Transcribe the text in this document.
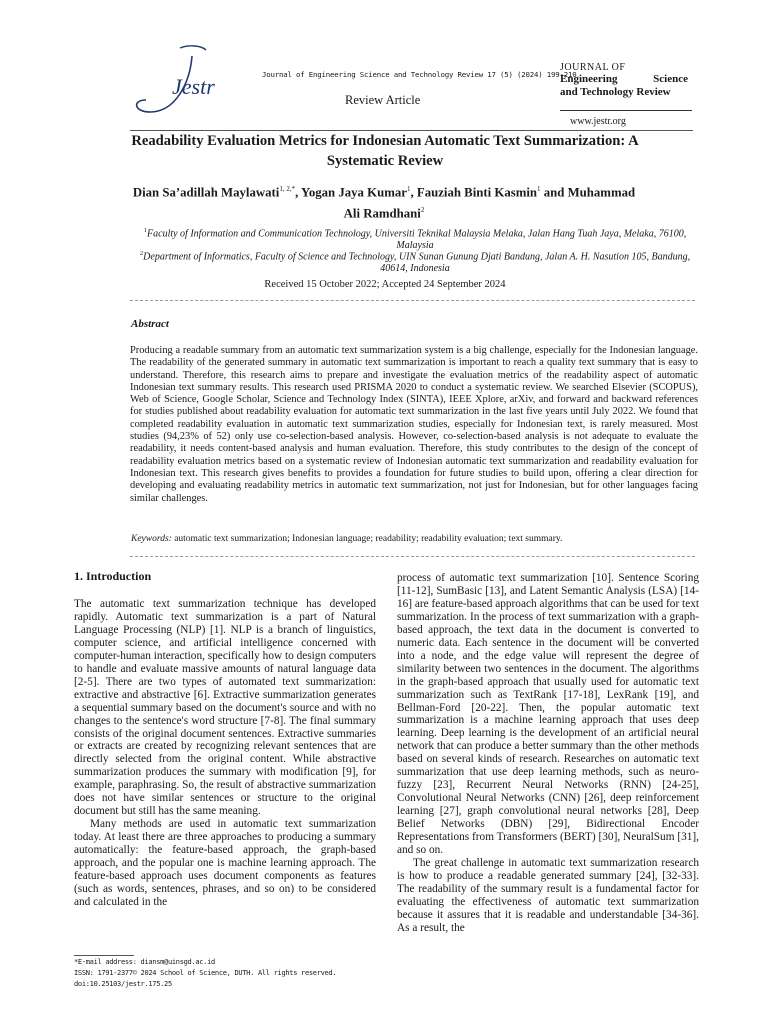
Jestr	Journal of Engineering Science and Technology Review 17 (5) (2024) 199-210
Review Article
JOURNAL OF
Engineering Science
and Technology Review
www.jestr.org
Readability Evaluation Metrics for Indonesian Automatic Text Summarization: A Systematic Review
Dian Sa’adillah Maylawati$^{1, 2,*}$, Yogan Jaya Kumar$^1$, Fauziah Binti Kasmin$^1$ and Muhammad Ali Ramdhani$^2$
$^1$Faculty of Information and Communication Technology, Universiti Teknikal Malaysia Melaka, Jalan Hang Tuah Jaya, Melaka, 76100, Malaysia
$^2$Department of Informatics, Faculty of Science and Technology, UIN Sunan Gunung Djati Bandung, Jalan A. H. Nasution 105, Bandung, 40614, Indonesia
Received 15 October 2022; Accepted 24 September 2024
Abstract
Producing a readable summary from an automatic text summarization system is a big challenge, especially for the Indonesian language. The readability of the generated summary in automatic text summarization is important to reach a quality text summary that is easy to understand. Therefore, this research aims to prepare and investigate the evaluation metrics of the readability aspect of automatic Indonesian text summary results. This research used PRISMA 2020 to conduct a systematic review. We searched Elsevier (SCOPUS), Web of Science, Google Scholar, Science and Technology Index (SINTA), IEEE Xplore, arXiv, and forward and backward references for studies published about readability evaluation for automatic text summarization in the last five years until July 2022. We found that completed readability evaluation in automatic text summarization studies, especially for Indonesian text, is rarely measured. Most studies (94,23% of 52) only use co-selection-based analysis. However, co-selection-based analysis is not adequate to evaluate the readability, it needs content-based analysis and human evaluation. Therefore, this study contributes to the design of the concept of readability evaluation metrics based on a systematic review of Indonesian automatic text summarization and readability evaluation for Indonesian text. This research gives benefits to provides a foundation for future studies to build upon, offering a clear direction for developing and evaluating readability metrics in automatic text summarization, not just for Indonesian, but for other languages facing similar challenges.
Keywords: automatic text summarization; Indonesian language; readability; readability evaluation; text summary.
1. Introduction

The automatic text summarization technique has developed rapidly. Automatic text summarization is a part of Natural Language Processing (NLP) [1]. NLP is a branch of linguistics, computer science, and artificial intelligence concerned with computer-human interaction, specifically how to design computers to handle and evaluate massive amounts of natural language data [2-5]. There are two types of automated text summarization: extractive and abstractive [6]. Extractive summarization generates a sequential summary based on the document's source and with no changes to the sentence's word structure [7-8]. The final summary consists of the original document sentences. Extractive summaries or extracts are created by recognizing relevant sentences that are directly selected from the original content. While abstractive summarization produces the summary with modification [9], for example, paraphrasing. So, the result of abstractive summarization does not have similar sentences or structure to the original document but still has the same meaning.

Many methods are used in automatic text summarization today. At least there are three approaches to producing a summary automatically: the feature-based approach, the graph-based approach, and the popular one is machine learning approach. The feature-based approach uses document components as features (such as words, sentences, phrases, and so on) to be considered and calculated in the

process of automatic text summarization [10]. Sentence Scoring [11-12], SumBasic [13], and Latent Semantic Analysis (LSA) [14-16] are feature-based approach algorithms that can be used for text summarization. In the process of text summarization with a graph-based approach, the text data in the document is converted to numeric data. Each sentence in the document will be converted into a node, and the edge value will represent the degree of similarity between two sentences in the document. The algorithms in the graph-based approach that usually used for automatic text summarization such as TextRank [17-18], LexRank [19], and Bellman-Ford [20-22]. Then, the popular automatic text summarization is a machine learning approach that uses deep learning. Deep learning is the development of an artificial neural network that can produce a better summary than the other methods based on several kinds of research. Researches on automatic text summarization that use deep learning methods, such as neuro-fuzzy [23], Recurrent Neural Networks (RNN) [24-25], Convolutional Neural Networks (CNN) [26], deep reinforcement learning [27], graph convolutional neural networks [28], Deep Belief Networks (DBN) [29], Bidirectional Encoder Representations from Transformers (BERT) [30], NeuralSum [31], and so on.

The great challenge in automatic text summarization research is how to produce a readable generated summary [24], [32-33]. The readability of the summary result is a fundamental factor for evaluating the effectiveness of automatic text summarization because it assures that it is readable and understandable [34-36]. As a result, the

*E-mail address: diansm@uinsgd.ac.id
ISSN: 1791-2377© 2024 School of Science, DUTH. All rights reserved.
doi:10.25103/jestr.175.25
